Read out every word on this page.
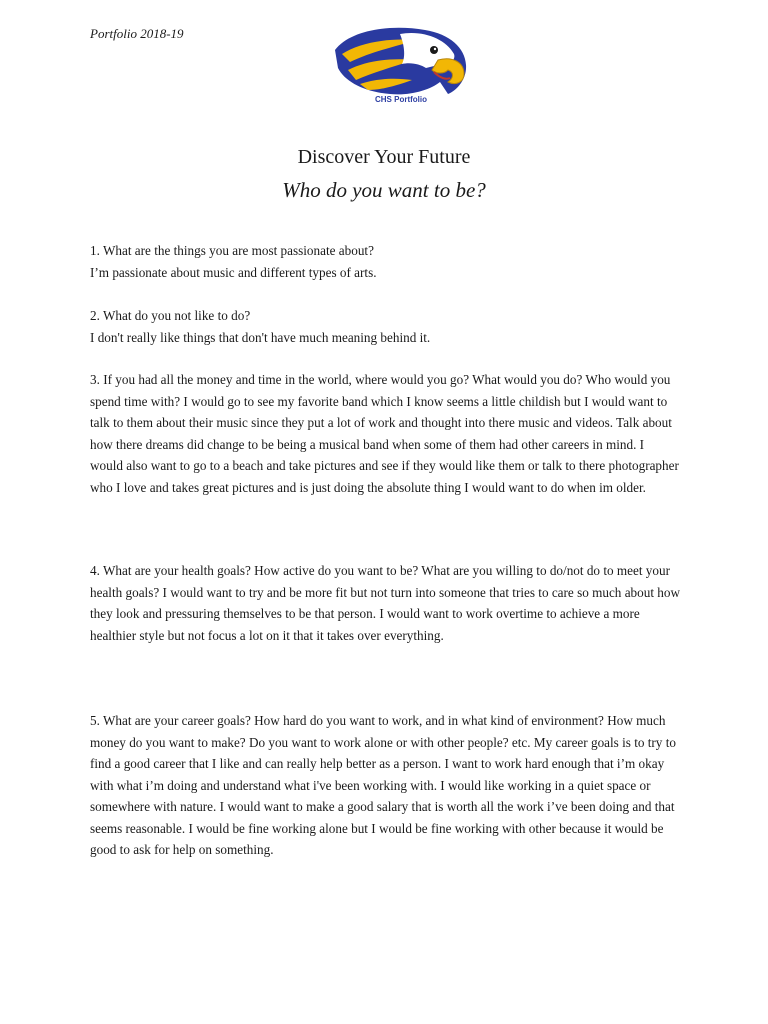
Portfolio 2018-19
CHS Portfolio
Discover Your Future
Who do you want to be?

1. What are the things you are most passionate about?

I’m passionate about music and different types of arts.

2. What do you not like to do?

I don't really like things that don't have much meaning behind it.

3. If you had all the money and time in the world, where would you go? What would you do? Who would you spend time with? I would go to see my favorite band which I know seems a little childish but I would want to talk to them about their music since they put a lot of work and thought into there music and videos. Talk about how there dreams did change to be being a musical band when some of them had other careers in mind. I would also want to go to a beach and take pictures and see if they would like them or talk to there photographer who I love and takes great pictures and is just doing the absolute thing I would want to do when im older.

4. What are your health goals? How active do you want to be? What are you willing to do/not do to meet your health goals? I would want to try and be more fit but not turn into someone that tries to care so much about how they look and pressuring themselves to be that person. I would want to work overtime to achieve a more healthier style but not focus a lot on it that it takes over everything.

5. What are your career goals? How hard do you want to work, and in what kind of environment? How much money do you want to make? Do you want to work alone or with other people? etc. My career goals is to try to find a good career that I like and can really help better as a person. I want to work hard enough that i’m okay with what i’m doing and understand what i've been working with. I would like working in a quiet space or somewhere with nature. I would want to make a good salary that is worth all the work i’ve been doing and that seems reasonable. I would be fine working alone but I would be fine working with other because it would be good to ask for help on something.
